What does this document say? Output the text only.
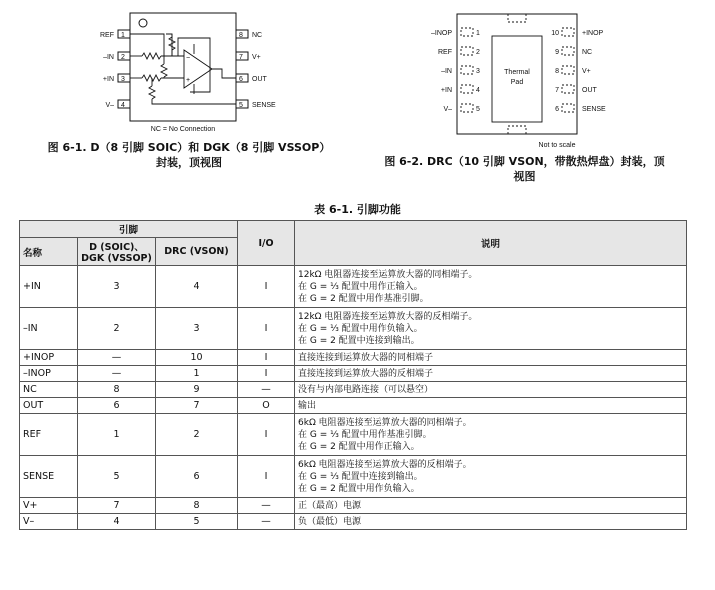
1
2
3
4
REF
–IN
+IN
V–
8
7
6
5
NC
V+
OUT
SENSE
−
+
NC = No Connection
图 6-1. D（8 引脚 SOIC）和 DGK（8 引脚 VSSOP）
封装，顶视图
Thermal
Pad
1
2
3
4
5
–INOP
REF
–IN
+IN
V–
10
9
8
7
6
+INOP
NC
V+
OUT
SENSE
Not to scale
图 6-2. DRC（10 引脚 VSON，带散热焊盘）封装，顶
视图
表 6-1. 引脚功能
引脚			I/O	说明
名称	D (SOIC)、DGK (VSSOP)	DRC (VSON)		
+IN	3	4	I	12kΩ 电阻器连接至运算放大器的同相端子。
在 G = ⅓ 配置中用作正输入。
在 G = 2 配置中用作基准引脚。

–IN	2	3	I	12kΩ 电阻器连接至运算放大器的反相端子。
在 G = ⅓ 配置中用作负输入。
在 G = 2 配置中连接到输出。

+INOP	—	10	I	直接连接到运算放大器的同相端子

–INOP	—	1	I	直接连接到运算放大器的反相端子

NC	8	9	—	没有与内部电路连接（可以悬空）

OUT	6	7	O	输出

REF	1	2	I	6kΩ 电阻器连接至运算放大器的同相端子。
在 G = ⅓ 配置中用作基准引脚。
在 G = 2 配置中用作正输入。

SENSE	5	6	I	6kΩ 电阻器连接至运算放大器的反相端子。
在 G = ⅓ 配置中连接到输出。
在 G = 2 配置中用作负输入。

V+	7	8	—	正（最高）电源

V–	4	5	—	负（最低）电源
